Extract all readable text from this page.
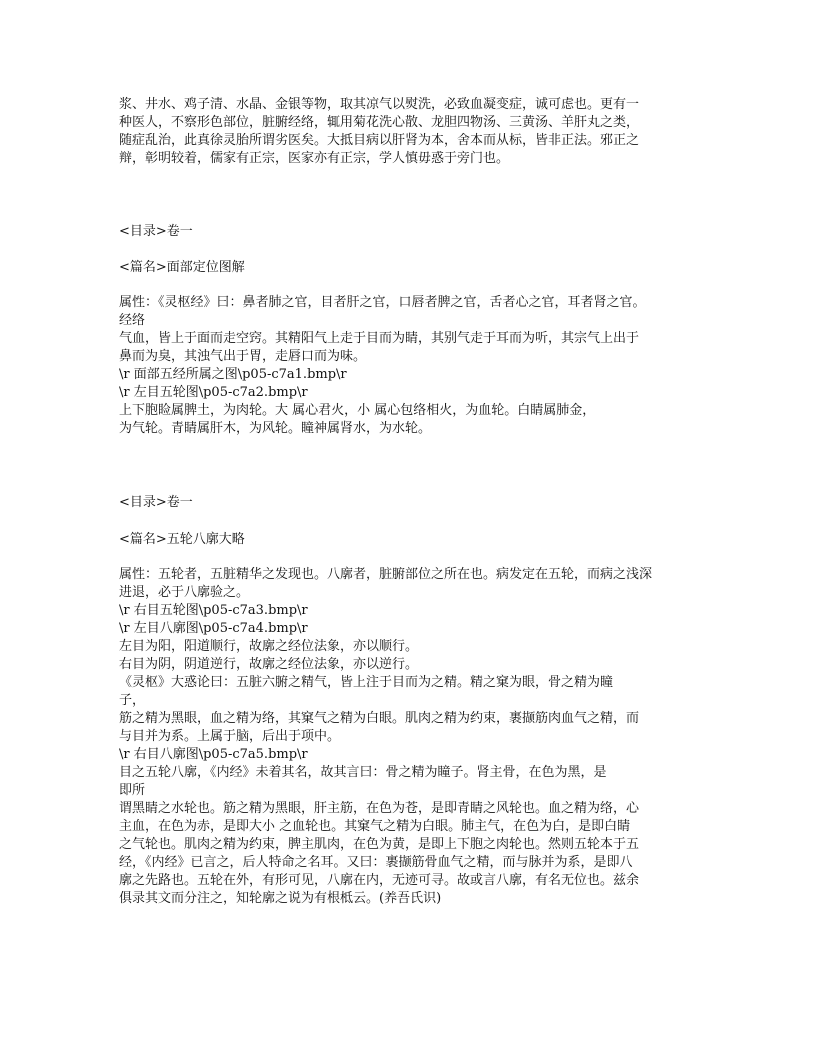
浆、井水、鸡子清、水晶、金银等物，取其凉气以熨洗，必致血凝变症，诚可虑也。更有一
种医人，不察形色部位，脏腑经络，辄用菊花洗心散、龙胆四物汤、三黄汤、羊肝丸之类，
随症乱治，此真徐灵胎所谓劣医矣。大抵目病以肝肾为本，舍本而从标，皆非正法。邪正之
辩，彰明较着，儒家有正宗，医家亦有正宗，学人慎毋惑于旁门也。
<目录>卷一
<篇名>面部定位图解
属性：《灵枢经》曰：鼻者肺之官，目者肝之官，口唇者脾之官，舌者心之官，耳者肾之官。
经络
气血，皆上于面而走空窍。其精阳气上走于目而为睛，其别气走于耳而为听，其宗气上出于
鼻而为臭，其浊气出于胃，走唇口而为味。
\r 面部五经所属之图\p05-c7a1.bmp\r
\r 左目五轮图\p05-c7a2.bmp\r
上下胞睑属脾土，为肉轮。大 属心君火，小 属心包络相火，为血轮。白睛属肺金，
为气轮。青睛属肝木，为风轮。瞳神属肾水，为水轮。
<目录>卷一
<篇名>五轮八廓大略
属性：五轮者，五脏精华之发现也。八廓者，脏腑部位之所在也。病发定在五轮，而病之浅深
进退，必于八廓验之。
\r 右目五轮图\p05-c7a3.bmp\r
\r 左目八廓图\p05-c7a4.bmp\r
左目为阳，阳道顺行，故廓之经位法象，亦以顺行。
右目为阴，阴道逆行，故廓之经位法象，亦以逆行。
《灵枢》大惑论曰：五脏六腑之精气，皆上注于目而为之精。精之窠为眼，骨之精为瞳
子，
筋之精为黑眼，血之精为络，其窠气之精为白眼。肌肉之精为约束，裹撷筋肉血气之精，而
与目并为系。上属于脑，后出于项中。
\r 右目八廓图\p05-c7a5.bmp\r
目之五轮八廓，《内经》未着其名，故其言曰：骨之精为瞳子。肾主骨，在色为黑，是
即所
谓黑睛之水轮也。筋之精为黑眼，肝主筋，在色为苍，是即青睛之风轮也。血之精为络，心
主血，在色为赤，是即大小 之血轮也。其窠气之精为白眼。肺主气，在色为白，是即白睛
之气轮也。肌肉之精为约束，脾主肌肉，在色为黄，是即上下胞之肉轮也。然则五轮本于五
经，《内经》已言之，后人特命之名耳。又曰：裹撷筋骨血气之精，而与脉并为系，是即八
廓之先路也。五轮在外，有形可见，八廓在内，无迹可寻。故或言八廓，有名无位也。兹余
俱录其文而分注之，知轮廓之说为有根柢云。(养吾氏识)
